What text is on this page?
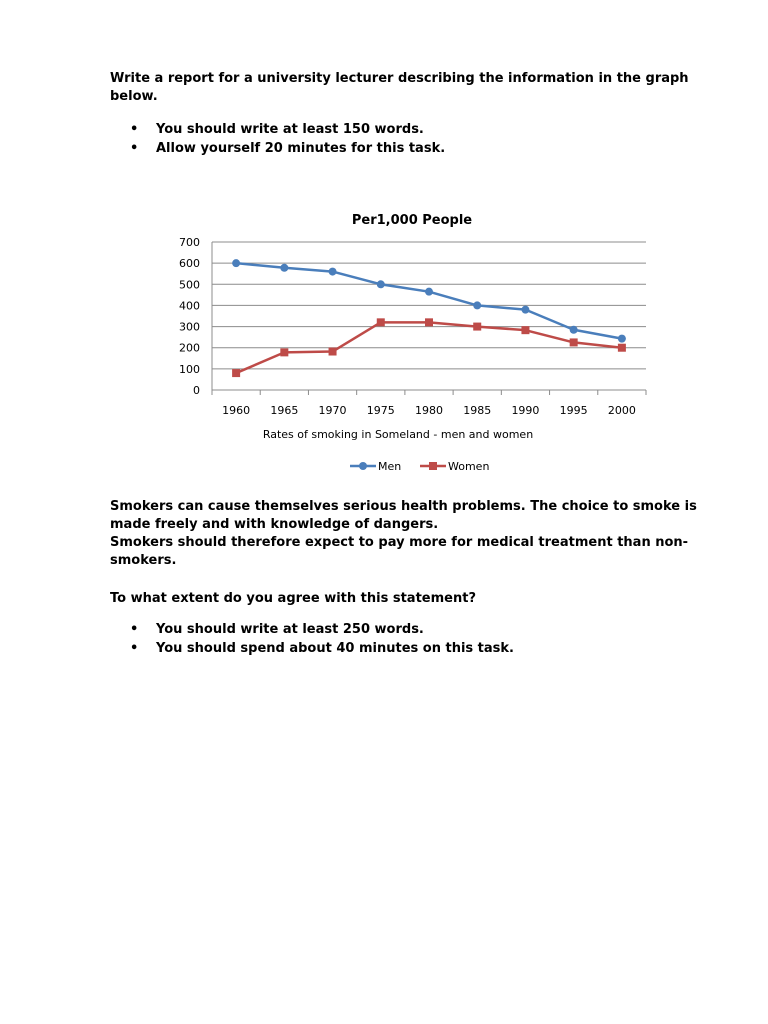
Write a report for a university lecturer describing the information in the graph below.

• You should write at least 150 words.
• Allow yourself 20 minutes for this task.
Per1,000 People
0
100
200
300
400
500
600
700
1960 1965 1970 1975 1980 1985 1990 1995 2000
Rates of smoking in Someland - men and women
Men	Women

Smokers can cause themselves serious health problems. The choice to smoke is made freely and with knowledge of dangers.

Smokers should therefore expect to pay more for medical treatment than non-smokers.

To what extent do you agree with this statement?

• You should write at least 250 words.
• You should spend about 40 minutes on this task.
